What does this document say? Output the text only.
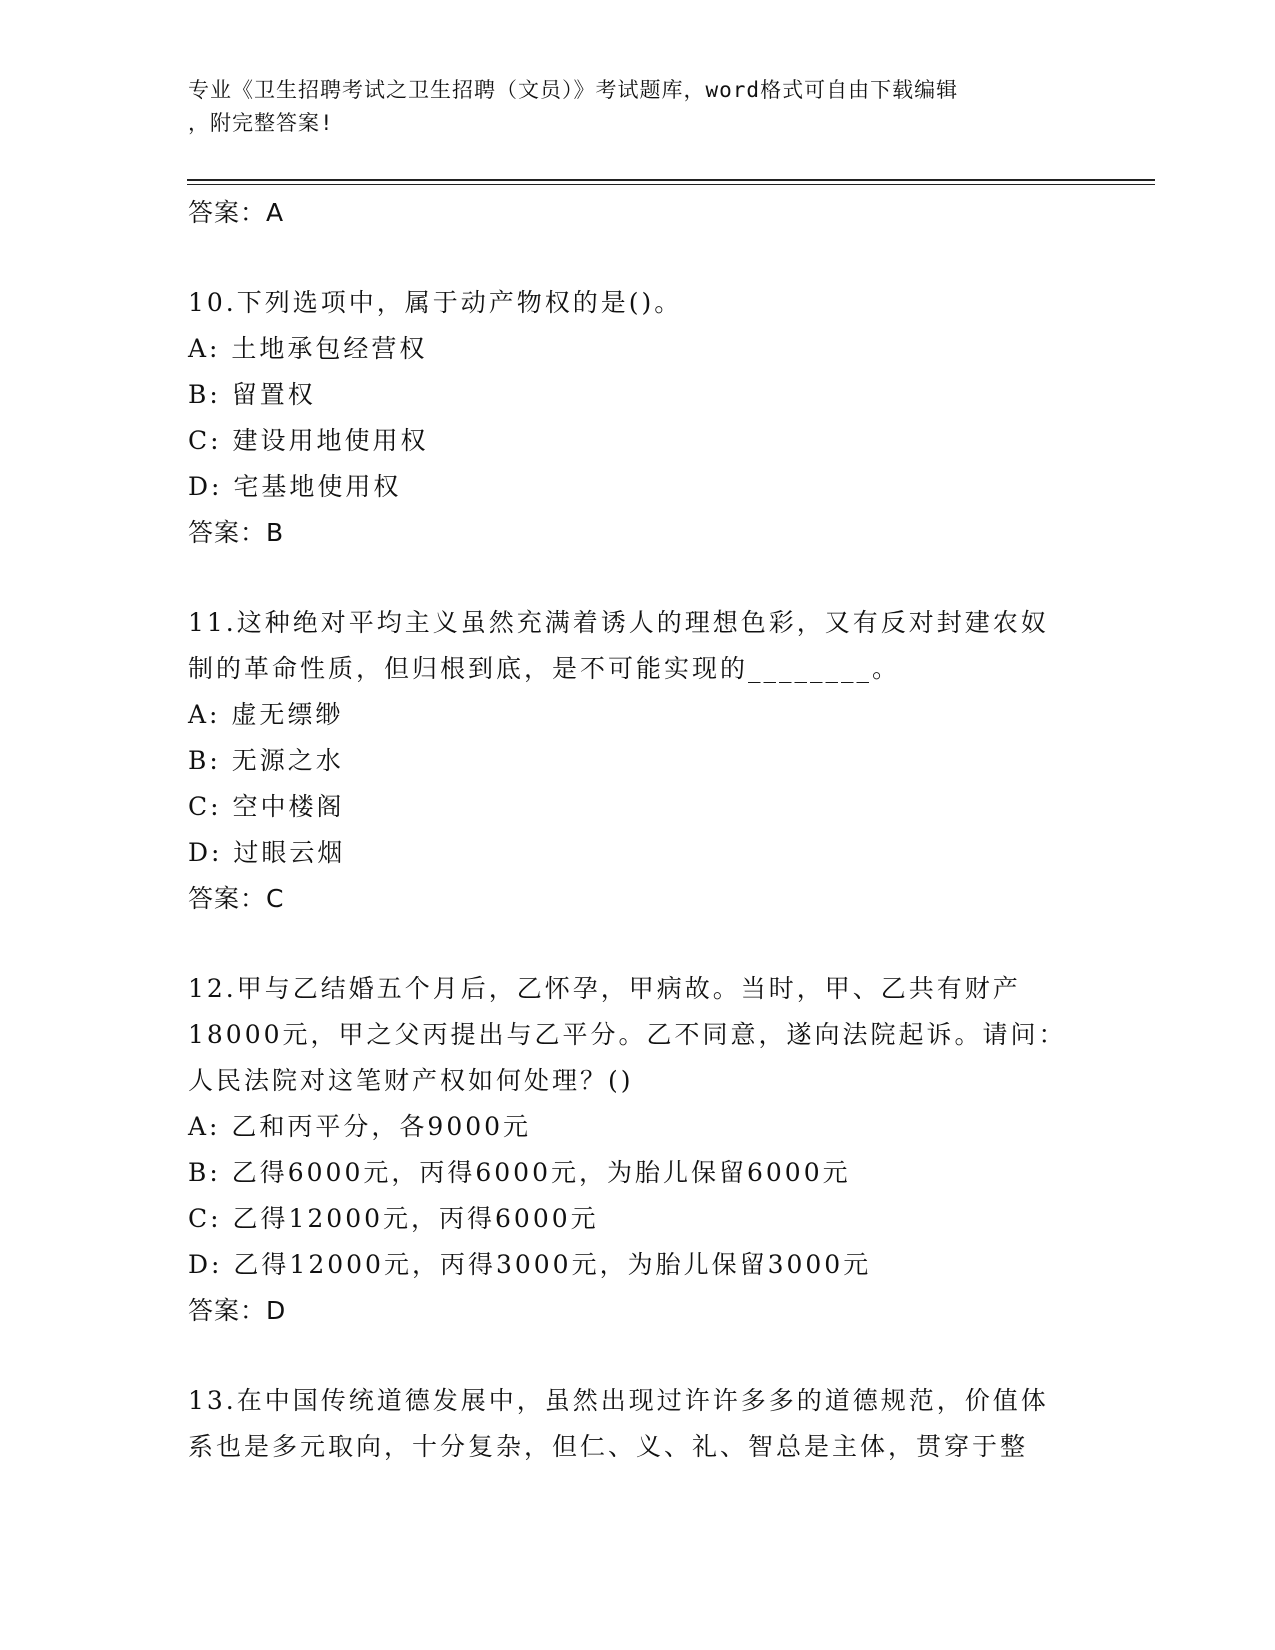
专业《卫生招聘考试之卫生招聘（文员）》考试题库，word格式可自由下载编辑
，附完整答案!
答案：A
10.下列选项中，属于动产物权的是()。
A: 土地承包经营权
B: 留置权
C: 建设用地使用权
D: 宅基地使用权
答案：B
11.这种绝对平均主义虽然充满着诱人的理想色彩，又有反对封建农奴
制的革命性质，但归根到底，是不可能实现的________。
A: 虚无缥缈
B: 无源之水
C: 空中楼阁
D: 过眼云烟
答案：C
12.甲与乙结婚五个月后，乙怀孕，甲病故。当时，甲、乙共有财产
18000元，甲之父丙提出与乙平分。乙不同意，遂向法院起诉。请问：
人民法院对这笔财产权如何处理？()
A: 乙和丙平分，各9000元
B: 乙得6000元，丙得6000元，为胎儿保留6000元
C: 乙得12000元，丙得6000元
D: 乙得12000元，丙得3000元，为胎儿保留3000元
答案：D
13.在中国传统道德发展中，虽然出现过许许多多的道德规范，价值体
系也是多元取向，十分复杂，但仁、义、礼、智总是主体，贯穿于整
